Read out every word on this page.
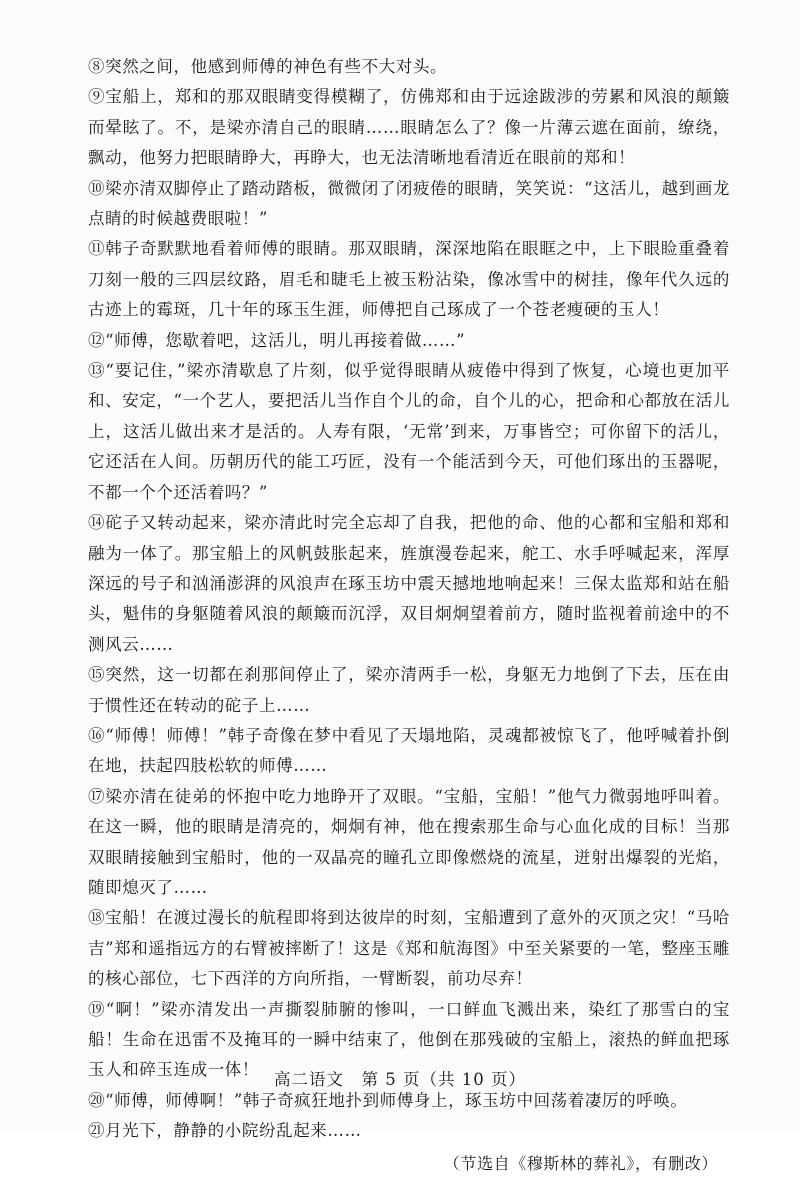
⑧突然之间，他感到师傅的神色有些不大对头。

⑨宝船上，郑和的那双眼睛变得模糊了，仿佛郑和由于远途跋涉的劳累和风浪的颠簸而晕眩了。不，是梁亦清自己的眼睛……眼睛怎么了？像一片薄云遮在面前，缭绕，飘动，他努力把眼睛睁大，再睁大，也无法清晰地看清近在眼前的郑和！

⑩梁亦清双脚停止了踏动踏板，微微闭了闭疲倦的眼睛，笑笑说：“这活儿，越到画龙点睛的时候越费眼啦！”

⑪韩子奇默默地看着师傅的眼睛。那双眼睛，深深地陷在眼眶之中，上下眼睑重叠着刀刻一般的三四层纹路，眉毛和睫毛上被玉粉沾染，像冰雪中的树挂，像年代久远的古迹上的霉斑，几十年的琢玉生涯，师傅把自己琢成了一个苍老瘦硬的玉人！

⑫“师傅，您歇着吧，这活儿，明儿再接着做……”

⑬“要记住，”梁亦清歇息了片刻，似乎觉得眼睛从疲倦中得到了恢复，心境也更加平和、安定，“一个艺人，要把活儿当作自个儿的命，自个儿的心，把命和心都放在活儿上，这活儿做出来才是活的。人寿有限，‘无常’到来，万事皆空；可你留下的活儿，它还活在人间。历朝历代的能工巧匠，没有一个能活到今天，可他们琢出的玉器呢，不都一个个还活着吗？”

⑭砣子又转动起来，梁亦清此时完全忘却了自我，把他的命、他的心都和宝船和郑和融为一体了。那宝船上的风帆鼓胀起来，旌旗漫卷起来，舵工、水手呼喊起来，浑厚深远的号子和汹涌澎湃的风浪声在琢玉坊中震天撼地地响起来！三保太监郑和站在船头，魁伟的身躯随着风浪的颠簸而沉浮，双目炯炯望着前方，随时监视着前途中的不测风云……

⑮突然，这一切都在刹那间停止了，梁亦清两手一松，身躯无力地倒了下去，压在由于惯性还在转动的砣子上……

⑯“师傅！师傅！”韩子奇像在梦中看见了天塌地陷，灵魂都被惊飞了，他呼喊着扑倒在地，扶起四肢松软的师傅……

⑰梁亦清在徒弟的怀抱中吃力地睁开了双眼。“宝船，宝船！”他气力微弱地呼叫着。在这一瞬，他的眼睛是清亮的，炯炯有神，他在搜索那生命与心血化成的目标！当那双眼睛接触到宝船时，他的一双晶亮的瞳孔立即像燃烧的流星，迸射出爆裂的光焰，随即熄灭了……

⑱宝船！在渡过漫长的航程即将到达彼岸的时刻，宝船遭到了意外的灭顶之灾！“马哈吉”郑和遥指远方的右臂被摔断了！这是《郑和航海图》中至关紧要的一笔，整座玉雕的核心部位，七下西洋的方向所指，一臂断裂，前功尽弃！

⑲“啊！”梁亦清发出一声撕裂肺腑的惨叫，一口鲜血飞溅出来，染红了那雪白的宝船！生命在迅雷不及掩耳的一瞬中结束了，他倒在那残破的宝船上，滚热的鲜血把琢玉人和碎玉连成一体！

⑳“师傅，师傅啊！”韩子奇疯狂地扑到师傅身上，琢玉坊中回荡着凄厉的呼唤。

㉑月光下，静静的小院纷乱起来……

（节选自《穆斯林的葬礼》，有删改）

高二语文　第 5 页（共 10 页）
